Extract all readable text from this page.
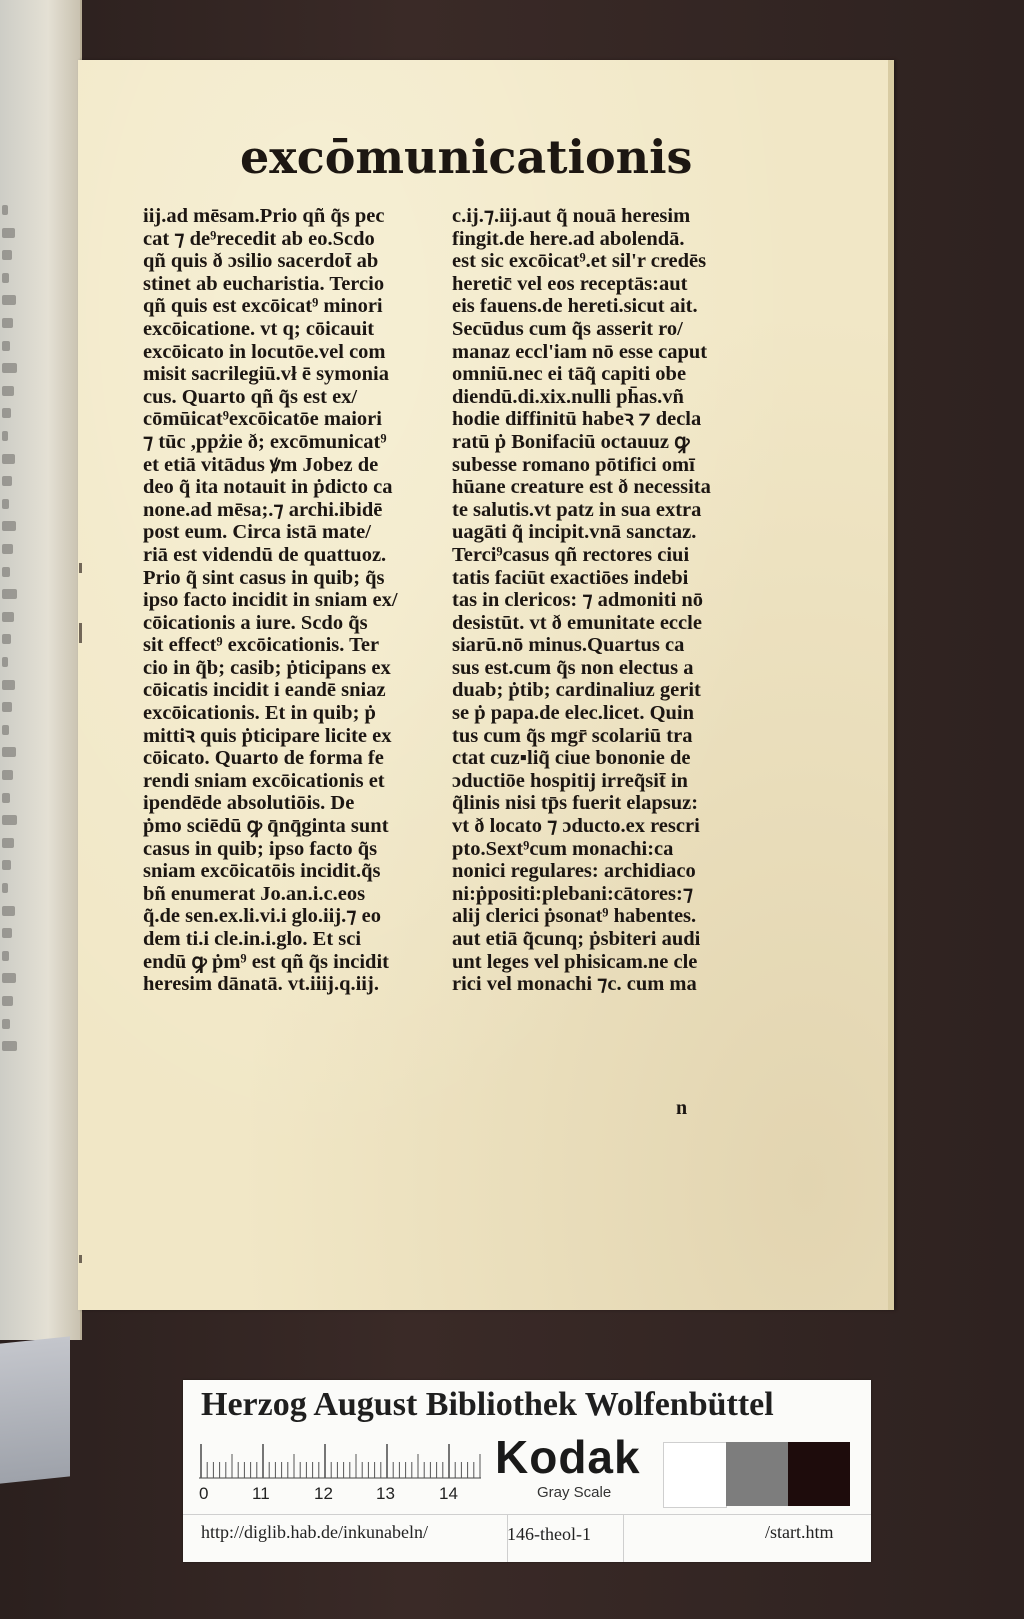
excōmunicationis
iij.ad mēsam.Prio qñ q̃s pec
cat ⁊ de⁹recedit ab eo.Scdo
qñ quis ð ɔsilio sacerdot̄ ab
stinet ab eucharistia. Tercio
qñ quis est excōicat⁹ minori
excōicatione. vt q; cōicauit
excōicato in locutōe.vel com
misit sacrilegiū.vł ē symonia
cus. Quarto qñ q̃s est ex/
cōmūicat⁹excōicatōe maiori
⁊ tūc ,ppżie ð; excōmunicat⁹
et etiā vitādus ꝟm Jobez de
deo q̃ ita notauit in ṗdicto ca
none.ad mēsa;.⁊ archi.ibidē
post eum. Circa istā mate/
riā est videndū de quattuoz.
Prio q̃ sint casus in quib; q̃s
ipso facto incidit in sniam ex/
cōicationis a iure. Scdo q̃s
sit effect⁹ excōicationis. Ter
cio in q̃b; casib; ṗticipans ex
cōicatis incidit i eandē sniaz
excōicationis. Et in quib; ṗ
mittiꝛ quis ṗticipare licite ex
cōicato. Quarto de forma fe
rendi sniam excōicationis et
ipendēde absolutiōis. De
ṗmo sciēdū ꝙ q̄nq̄ginta sunt
casus in quib; ipso facto q̃s
sniam excōicatōis incidit.q̃s
bñ enumerat Jo.an.i.c.eos
q̃.de sen.ex.li.vi.i glo.iij.⁊ eo
dem ti.i cle.in.i.glo. Et sci
endū ꝙ ṗm⁹ est qñ q̃s incidit
heresim dānatā. vt.iiij.q.iij.
c.ij.⁊.iij.aut q̃ nouā heresim
fingit.de here.ad abolendā.
est sic excōicat⁹.et sil'r credēs
heretic̄ vel eos receptās:aut
eis fauens.de hereti.sicut ait.
Secūdus cum q̃s asserit ro/
manaz eccl'iam nō esse caput
omniū.nec ei tāq̃ capiti obe
diendū.di.xix.nulli ph̄as.vñ
hodie diffinitū habeꝛ ⁊ decla
ratū ṗ Bonifaciū octauuz ꝙ
subesse romano pōtifici omī
hūane creature est ð necessita
te salutis.vt patz in sua extra
uagāti q̃ incipit.vnā sanctaz.
Terci⁹casus qñ rectores ciui
tatis faciūt exactiōes indebi
tas in clericos: ⁊ admoniti nō
desistūt. vt ð emunitate eccle
siarū.nō minus.Quartus ca
sus est.cum q̃s non electus a
duab; ṗtib; cardinaliuz gerit
se ṗ papa.de elec.licet. Quin
tus cum q̃s mgr̄ scolariū tra
ctat cuz▪liq̃ ciue bononie de
ɔductiōe hospitij irreq̃sit̄ in
q̃linis nisi tp̄s fuerit elapsuz:
vt ð locato ⁊ ɔducto.ex rescri
pto.Sext⁹cum monachi:ca
nonici regulares: archidiaco
ni:ṗpositi:plebani:cātores:⁊
alij clerici ṗsonat⁹ habentes.
aut etiā q̃cunq; ṗsbiteri audi
unt leges vel phisicam.ne cle
rici vel monachi ⁊c. cum ma
n
Herzog August Bibliothek Wolfenbüttel
0	11	12	13	14
Kodak
Gray Scale
http://diglib.hab.de/inkunabeln/	146-theol-1	/start.htm
